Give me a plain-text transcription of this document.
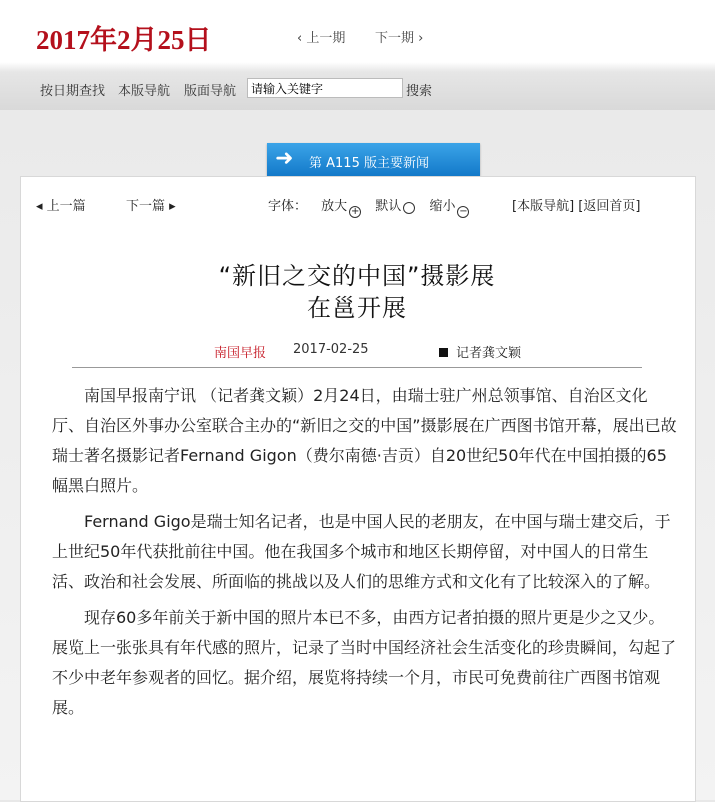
2017年2月25日	‹ 上一期 下一期 ›
按日期查找 本版导航 版面导航
请输入关键字	搜索
➜ 第 A115 版主要新闻
◂ 上一篇	下一篇 ▸	字体： 放大 + 默认 缩小 −	[本版导航] [返回首页]
“新旧之交的中国”摄影展
在邕开展
南国早报 2017-02-25	记者龚文颖

南国早报南宁讯 （记者龚文颖）2月24日，由瑞士驻广州总领事馆、自治区文化厅、自治区外事办公室联合主办的“新旧之交的中国”摄影展在广西图书馆开幕，展出已故瑞士著名摄影记者Fernand Gigon（费尔南德·吉贡）自20世纪50年代在中国拍摄的65幅黑白照片。

Fernand Gigo是瑞士知名记者，也是中国人民的老朋友，在中国与瑞士建交后，于上世纪50年代获批前往中国。他在我国多个城市和地区长期停留，对中国人的日常生活、政治和社会发展、所面临的挑战以及人们的思维方式和文化有了比较深入的了解。

现存60多年前关于新中国的照片本已不多，由西方记者拍摄的照片更是少之又少。展览上一张张具有年代感的照片，记录了当时中国经济社会生活变化的珍贵瞬间，勾起了不少中老年参观者的回忆。据介绍，展览将持续一个月，市民可免费前往广西图书馆观展。
